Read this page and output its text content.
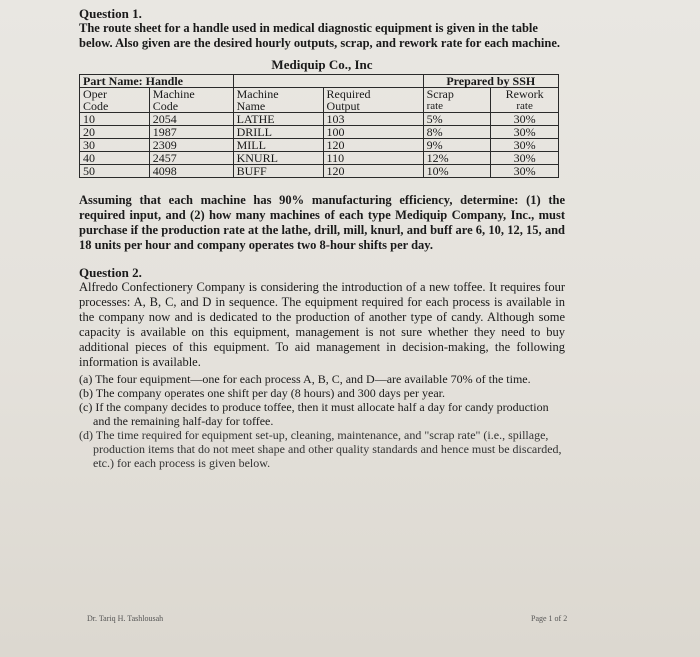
Question 1.

The route sheet for a handle used in medical diagnostic equipment is given in the table below. Also given are the desired hourly outputs, scrap, and rework rate for each machine.

Mediquip Co., Inc
Part Name: Handle				Prepared by SSH	
Oper	Machine	Machine	Required	Scrap	Rework
Code	Code	Name	Output	rate	rate
10	2054	LATHE	103	5%	30%
20	1987	DRILL	100	8%	30%
30	2309	MILL	120	9%	30%
40	2457	KNURL	110	12%	30%
50	4098	BUFF	120	10%	30%

Assuming that each machine has 90% manufacturing efficiency, determine: (1) the required input, and (2) how many machines of each type Mediquip Company, Inc., must purchase if the production rate at the lathe, drill, mill, knurl, and buff are 6, 10, 12, 15, and 18 units per hour and company operates two 8-hour shifts per day.

Question 2.

Alfredo Confectionery Company is considering the introduction of a new toffee. It requires four processes: A, B, C, and D in sequence. The equipment required for each process is available in the company now and is dedicated to the production of another type of candy. Although some capacity is available on this equipment, management is not sure whether they need to buy additional pieces of this equipment. To aid management in decision-making, the following information is available.

(a) The four equipment—one for each process A, B, C, and D—are available 70% of the time.

(b) The company operates one shift per day (8 hours) and 300 days per year.

(c) If the company decides to produce toffee, then it must allocate half a day for candy production and the remaining half-day for toffee.

(d) The time required for equipment set-up, cleaning, maintenance, and "scrap rate" (i.e., spillage, production items that do not meet shape and other quality standards and hence must be discarded, etc.) for each process is given below.

Dr. Tariq H. Tashlousah	Page 1 of 2
